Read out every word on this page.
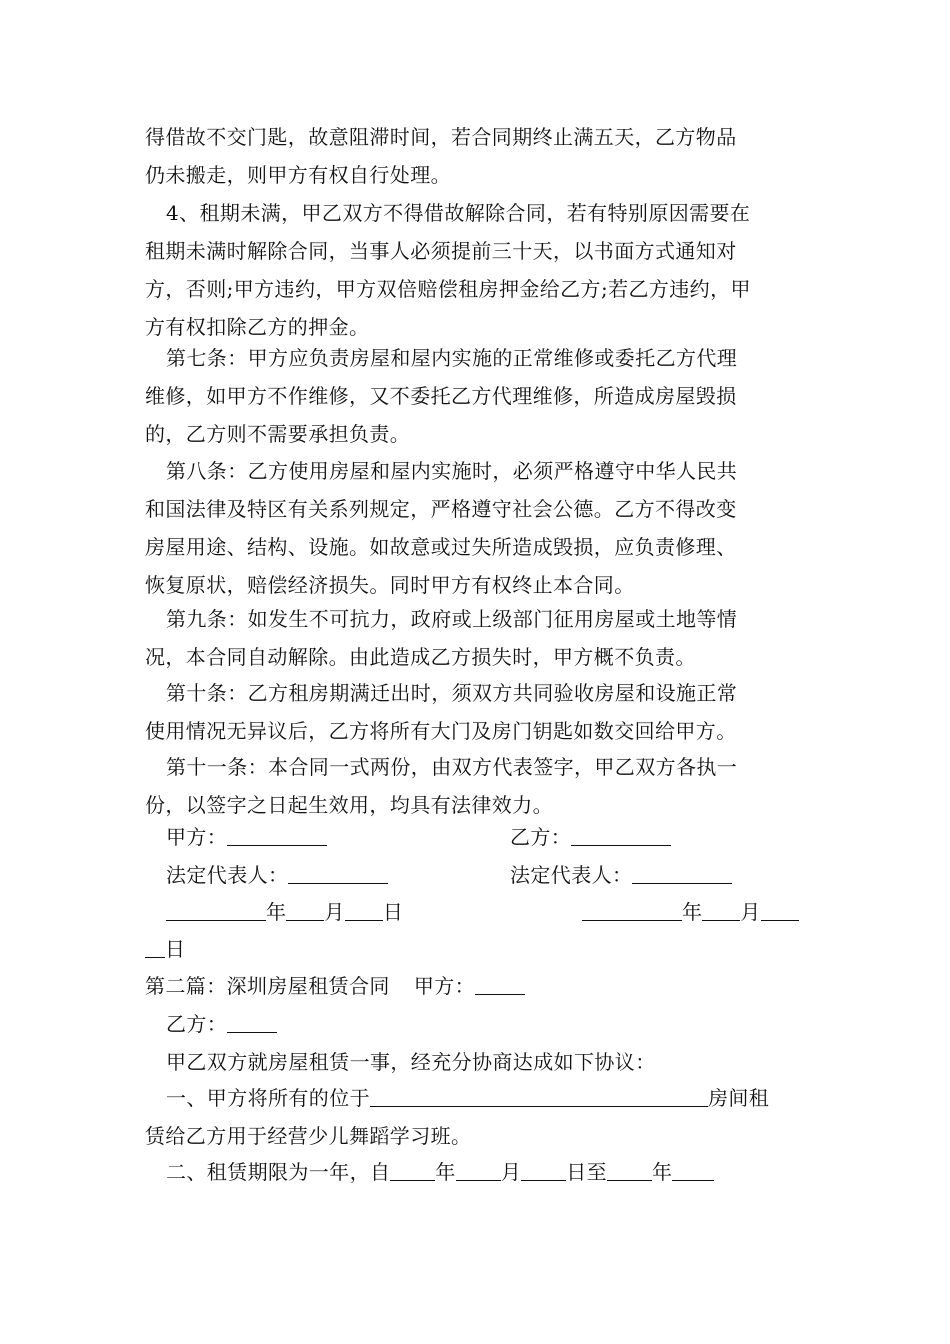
得借故不交门匙，故意阻滞时间，若合同期终止满五天，乙方物品
仍未搬走，则甲方有权自行处理。
4、租期未满，甲乙双方不得借故解除合同，若有特别原因需要在
租期未满时解除合同，当事人必须提前三十天，以书面方式通知对
方，否则;甲方违约，甲方双倍赔偿租房押金给乙方;若乙方违约，甲
方有权扣除乙方的押金。
第七条：甲方应负责房屋和屋内实施的正常维修或委托乙方代理
维修，如甲方不作维修，又不委托乙方代理维修，所造成房屋毁损
的，乙方则不需要承担负责。
第八条：乙方使用房屋和屋内实施时，必须严格遵守中华人民共
和国法律及特区有关系列规定，严格遵守社会公德。乙方不得改变
房屋用途、结构、设施。如故意或过失所造成毁损，应负责修理、
恢复原状，赔偿经济损失。同时甲方有权终止本合同。
第九条：如发生不可抗力，政府或上级部门征用房屋或土地等情
况，本合同自动解除。由此造成乙方损失时，甲方概不负责。
第十条：乙方租房期满迁出时，须双方共同验收房屋和设施正常
使用情况无异议后，乙方将所有大门及房门钥匙如数交回给甲方。
第十一条：本合同一式两份，由双方代表签字，甲乙双方各执一
份，以签字之日起生效用，均具有法律效力。
甲方：	乙方：
法定代表人：	法定代表人：
年 月 日	年 月
日
第二篇：深圳房屋租赁合同 甲方：
乙方：
甲乙双方就房屋租赁一事，经充分协商达成如下协议：
一、甲方将所有的位于	房间租
赁给乙方用于经营少儿舞蹈学习班。
二、租赁期限为一年，自 年 月 日至 年
